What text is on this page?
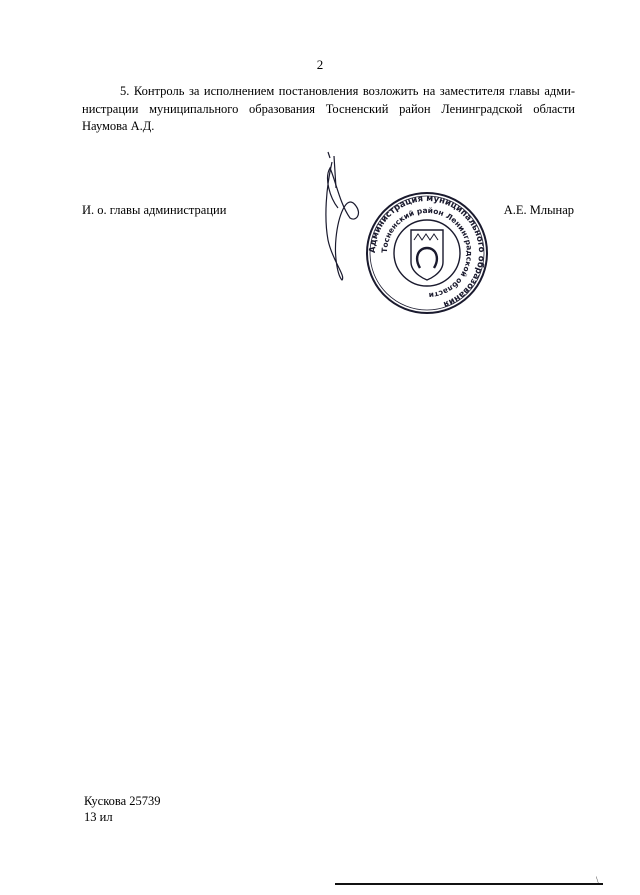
2
5. Контроль за исполнением постановления возложить на заместителя главы адми-
нистрации муниципального образования Тосненский район Ленинградской области Наумова А.Д.
И. о. главы администрации	А.Е. Млынар
Администрация муниципального образования
Тосненский район Ленинградской области
Кускова 25739
13 ил
\
